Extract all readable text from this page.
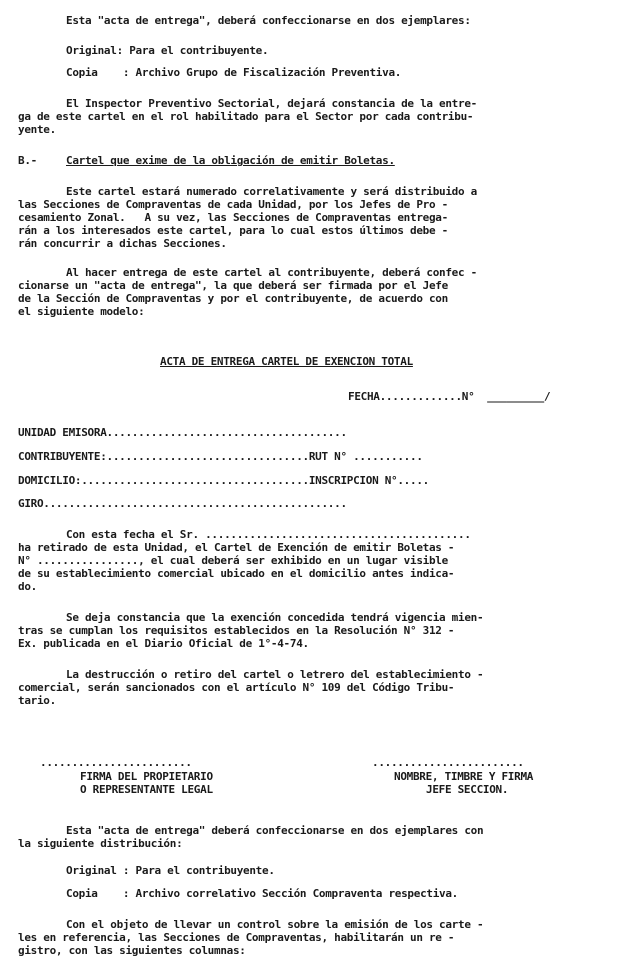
Esta "acta de entrega", deberá confeccionarse en dos ejemplares:
Original: Para el contribuyente.
Copia    : Archivo Grupo de Fiscalización Preventiva.
El Inspector Preventivo Sectorial, dejará constancia de la entre-
ga de este cartel en el rol habilitado para el Sector por cada contribu-
yente.
B.-	Cartel que exime de la obligación de emitir Boletas.
Este cartel estará numerado correlativamente y será distribuido a
las Secciones de Compraventas de cada Unidad, por los Jefes de Pro -
cesamiento Zonal.   A su vez, las Secciones de Compraventas entrega-
rán a los interesados este cartel, para lo cual estos últimos debe -
rán concurrir a dichas Secciones.
Al hacer entrega de este cartel al contribuyente, deberá confec -
cionarse un "acta de entrega", la que deberá ser firmada por el Jefe
de la Sección de Compraventas y por el contribuyente, de acuerdo con
el siguiente modelo:
ACTA DE ENTREGA CARTEL DE EXENCION TOTAL
FECHA.............N°  _________/
UNIDAD EMISORA......................................
CONTRIBUYENTE:................................RUT N° ...........
DOMICILIO:....................................INSCRIPCION N°.....
GIRO................................................
Con esta fecha el Sr. ..........................................
ha retirado de esta Unidad, el Cartel de Exención de emitir Boletas -
N° ................, el cual deberá ser exhibido en un lugar visible
de su establecimiento comercial ubicado en el domicilio antes indica-
do.
Se deja constancia que la exención concedida tendrá vigencia mien-
tras se cumplan los requisitos establecidos en la Resolución N° 312 -
Ex. publicada en el Diario Oficial de 1°-4-74.
La destrucción o retiro del cartel o letrero del establecimiento -
comercial, serán sancionados con el artículo N° 109 del Código Tribu-
tario.
........................
FIRMA DEL PROPIETARIO
O REPRESENTANTE LEGAL
........................
NOMBRE, TIMBRE Y FIRMA
JEFE SECCION.
Esta "acta de entrega" deberá confeccionarse en dos ejemplares con
la siguiente distribución:
Original : Para el contribuyente.
Copia    : Archivo correlativo Sección Compraventa respectiva.
Con el objeto de llevar un control sobre la emisión de los carte -
les en referencia, las Secciones de Compraventas, habilitarán un re -
gistro, con las siguientes columnas:
